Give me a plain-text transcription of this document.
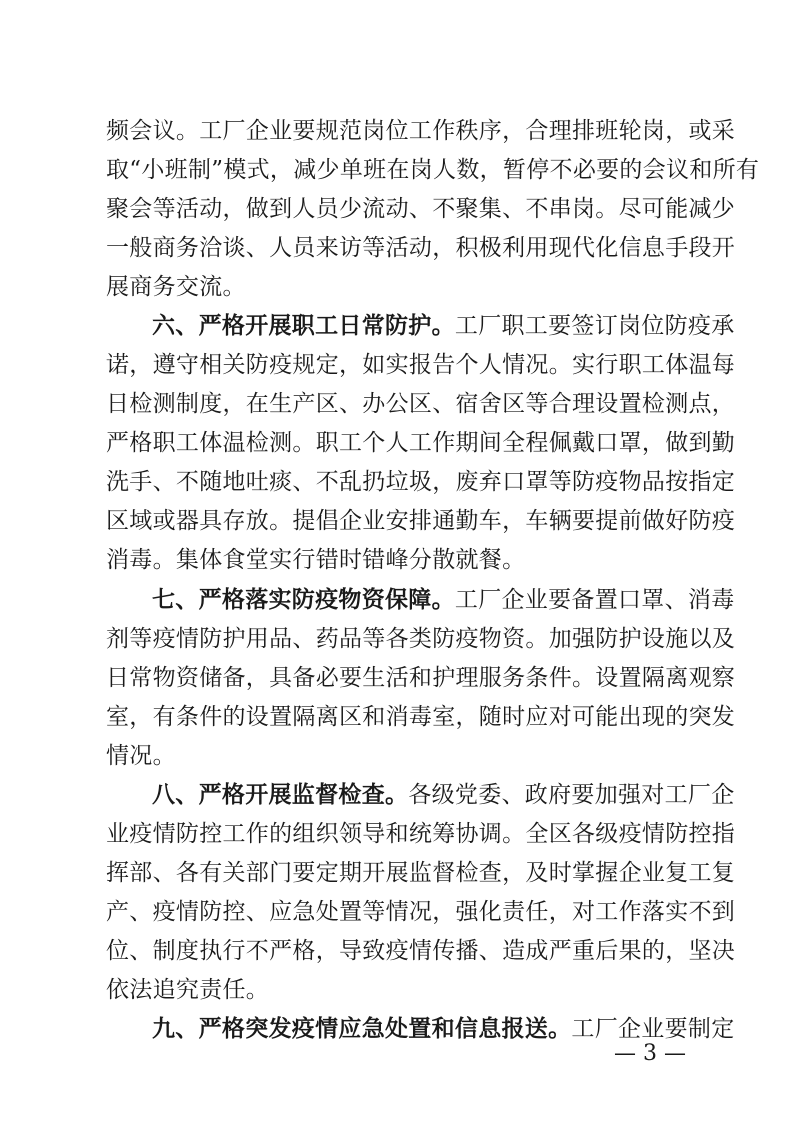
频会议。工厂企业要规范岗位工作秩序，合理排班轮岗，或采
取“小班制”模式，减少单班在岗人数，暂停不必要的会议和所有
聚会等活动，做到人员少流动、不聚集、不串岗。尽可能减少
一般商务洽谈、人员来访等活动，积极利用现代化信息手段开
展商务交流。
六、严格开展职工日常防护。工厂职工要签订岗位防疫承
诺，遵守相关防疫规定，如实报告个人情况。实行职工体温每
日检测制度，在生产区、办公区、宿舍区等合理设置检测点，
严格职工体温检测。职工个人工作期间全程佩戴口罩，做到勤
洗手、不随地吐痰、不乱扔垃圾，废弃口罩等防疫物品按指定
区域或器具存放。提倡企业安排通勤车，车辆要提前做好防疫
消毒。集体食堂实行错时错峰分散就餐。
七、严格落实防疫物资保障。工厂企业要备置口罩、消毒
剂等疫情防护用品、药品等各类防疫物资。加强防护设施以及
日常物资储备，具备必要生活和护理服务条件。设置隔离观察
室，有条件的设置隔离区和消毒室，随时应对可能出现的突发
情况。
八、严格开展监督检查。各级党委、政府要加强对工厂企
业疫情防控工作的组织领导和统筹协调。全区各级疫情防控指
挥部、各有关部门要定期开展监督检查，及时掌握企业复工复
产、疫情防控、应急处置等情况，强化责任，对工作落实不到
位、制度执行不严格，导致疫情传播、造成严重后果的，坚决
依法追究责任。
九、严格突发疫情应急处置和信息报送。工厂企业要制定
— 3 —
